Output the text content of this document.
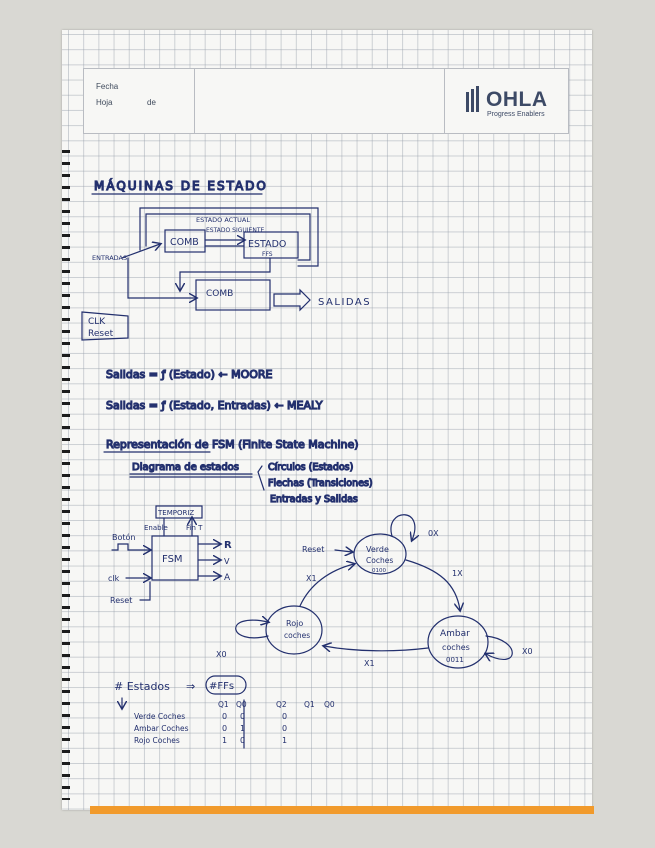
Fecha
Hoja	de	OHLA
Progress Enablers
MÁQUINAS DE ESTADO
Salidas = ƒ (Estado) ← MOORE
Salidas = ƒ (Estado, Entradas) ← MEALY
Representación de FSM (Finite State Machine)
Diagrama de estados	Círculos (Estados)
Flechas (Transiciones)
Entradas y Salidas
COMB
ESTADO ACTUAL
ESTADO SIGUIENTE
ESTADO
FFS
ENTRADAS
COMB
SALIDAS
CLK
Reset
TEMPORIZ
Enable	Fin T
FSM
Botón
clk
Reset
R
V
A
Reset	Verde
Coches
0100
Rojo
coches	Ambar
coches
0011
0X
1X
X1
X1
X0	X0
# Estados ⇒ #FFs
Q1 Q0	Q2 Q1 Q0
Verde Coches	0 0	0
Ambar Coches	0 1	0
Rojo Coches	1 0	1
